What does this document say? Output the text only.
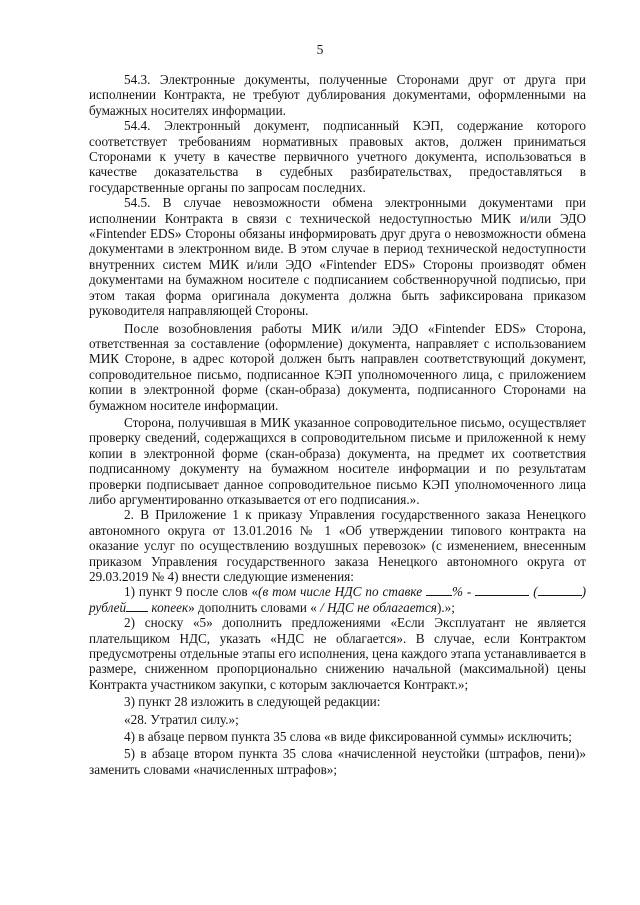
5

54.3. Электронные документы, полученные Сторонами друг от друга при исполнении Контракта, не требуют дублирования документами, оформленными на бумажных носителях информации.

54.4. Электронный документ, подписанный КЭП, содержание которого соответствует требованиям нормативных правовых актов, должен приниматься Сторонами к учету в качестве первичного учетного документа, использоваться в качестве доказательства в судебных разбирательствах, предоставляться в государственные органы по запросам последних.

54.5. В случае невозможности обмена электронными документами при исполнении Контракта в связи с технической недоступностью МИК и/или ЭДО «Fintender EDS» Стороны обязаны информировать друг друга о невозможности обмена документами в электронном виде. В этом случае в период технической недоступности внутренних систем МИК и/или ЭДО «Fintender EDS» Стороны производят обмен документами на бумажном носителе с подписанием собственноручной подписью, при этом такая форма оригинала документа должна быть зафиксирована приказом руководителя направляющей Стороны.

После возобновления работы МИК и/или ЭДО «Fintender EDS» Сторона, ответственная за составление (оформление) документа, направляет с использованием МИК Стороне, в адрес которой должен быть направлен соответствующий документ, сопроводительное письмо, подписанное КЭП уполномоченного лица, с приложением копии в электронной форме (скан-образа) документа, подписанного Сторонами на бумажном носителе информации.

Сторона, получившая в МИК указанное сопроводительное письмо, осуществляет проверку сведений, содержащихся в сопроводительном письме и приложенной к нему копии в электронной форме (скан-образа) документа, на предмет их соответствия подписанному документу на бумажном носителе информации и по результатам проверки подписывает данное сопроводительное письмо КЭП уполномоченного лица либо аргументированно отказывается от его подписания.».

2. В Приложение 1 к приказу Управления государственного заказа Ненецкого автономного округа от 13.01.2016 № 1 «Об утверждении типового контракта на оказание услуг по осуществлению воздушных перевозок» (с изменением, внесенным приказом Управления государственного заказа Ненецкого автономного округа от 29.03.2019 № 4) внести следующие изменения:

1) пункт 9 после слов «(в том числе НДС по ставке % -	(	) рублей копеек» дополнить словами « / НДС не облагается).»;

2) сноску «5» дополнить предложениями «Если Эксплуатант не является плательщиком НДС, указать «НДС не облагается». В случае, если Контрактом предусмотрены отдельные этапы его исполнения, цена каждого этапа устанавливается в размере, сниженном пропорционально снижению начальной (максимальной) цены Контракта участником закупки, с которым заключается Контракт.»;

3) пункт 28 изложить в следующей редакции:

«28. Утратил силу.»;

4) в абзаце первом пункта 35 слова «в виде фиксированной суммы» исключить;

5) в абзаце втором пункта 35 слова «начисленной неустойки (штрафов, пени)» заменить словами «начисленных штрафов»;
